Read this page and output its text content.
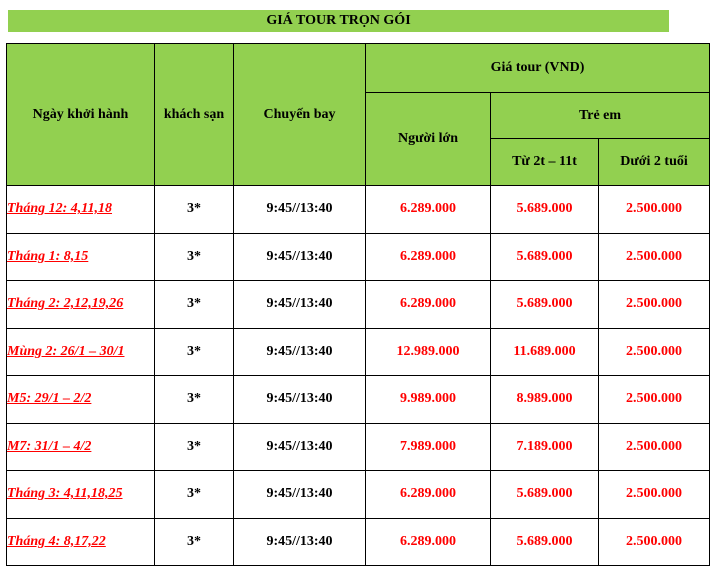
GIÁ TOUR TRỌN GÓI
Ngày khởi hành	khách sạn	Chuyến bay	Giá tour (VND)		
			Người lớn	Trẻ em	
				Từ 2t – 11t	Dưới 2 tuổi
Tháng 12: 4,11,18	3*	9:45//13:40	6.289.000	5.689.000	2.500.000
Tháng 1: 8,15	3*	9:45//13:40	6.289.000	5.689.000	2.500.000
Tháng 2: 2,12,19,26	3*	9:45//13:40	6.289.000	5.689.000	2.500.000
Mùng 2: 26/1 – 30/1	3*	9:45//13:40	12.989.000	11.689.000	2.500.000
M5: 29/1 – 2/2	3*	9:45//13:40	9.989.000	8.989.000	2.500.000
M7: 31/1 – 4/2	3*	9:45//13:40	7.989.000	7.189.000	2.500.000
Tháng 3: 4,11,18,25	3*	9:45//13:40	6.289.000	5.689.000	2.500.000
Tháng 4: 8,17,22	3*	9:45//13:40	6.289.000	5.689.000	2.500.000
